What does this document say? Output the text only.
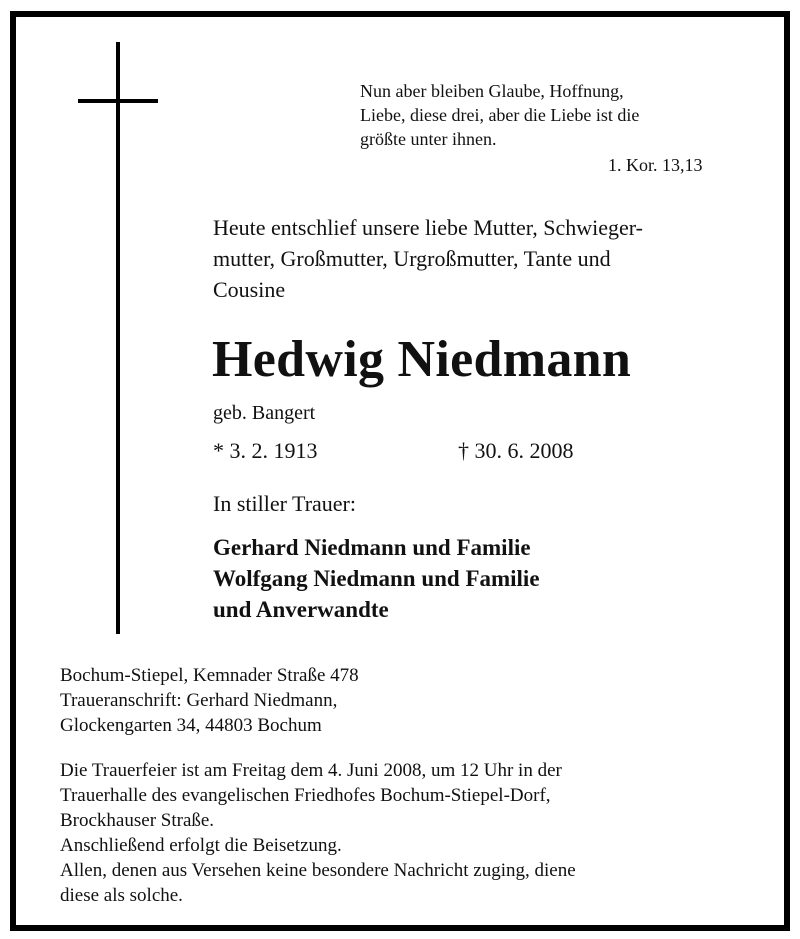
Nun aber bleiben Glaube, Hoffnung,
Liebe, diese drei, aber die Liebe ist die
größte unter ihnen.
1. Kor. 13,13
Heute entschlief unsere liebe Mutter, Schwieger-
mutter, Großmutter, Urgroßmutter, Tante und
Cousine
Hedwig Niedmann
geb. Bangert
* 3. 2. 1913	† 30. 6. 2008
In stiller Trauer:
Gerhard Niedmann und Familie
Wolfgang Niedmann und Familie
und Anverwandte
Bochum-Stiepel, Kemnader Straße 478
Traueranschrift: Gerhard Niedmann,
Glockengarten 34, 44803 Bochum
Die Trauerfeier ist am Freitag dem 4. Juni 2008, um 12 Uhr in der
Trauerhalle des evangelischen Friedhofes Bochum-Stiepel-Dorf,
Brockhauser Straße.
Anschließend erfolgt die Beisetzung.
Allen, denen aus Versehen keine besondere Nachricht zuging, diene
diese als solche.
